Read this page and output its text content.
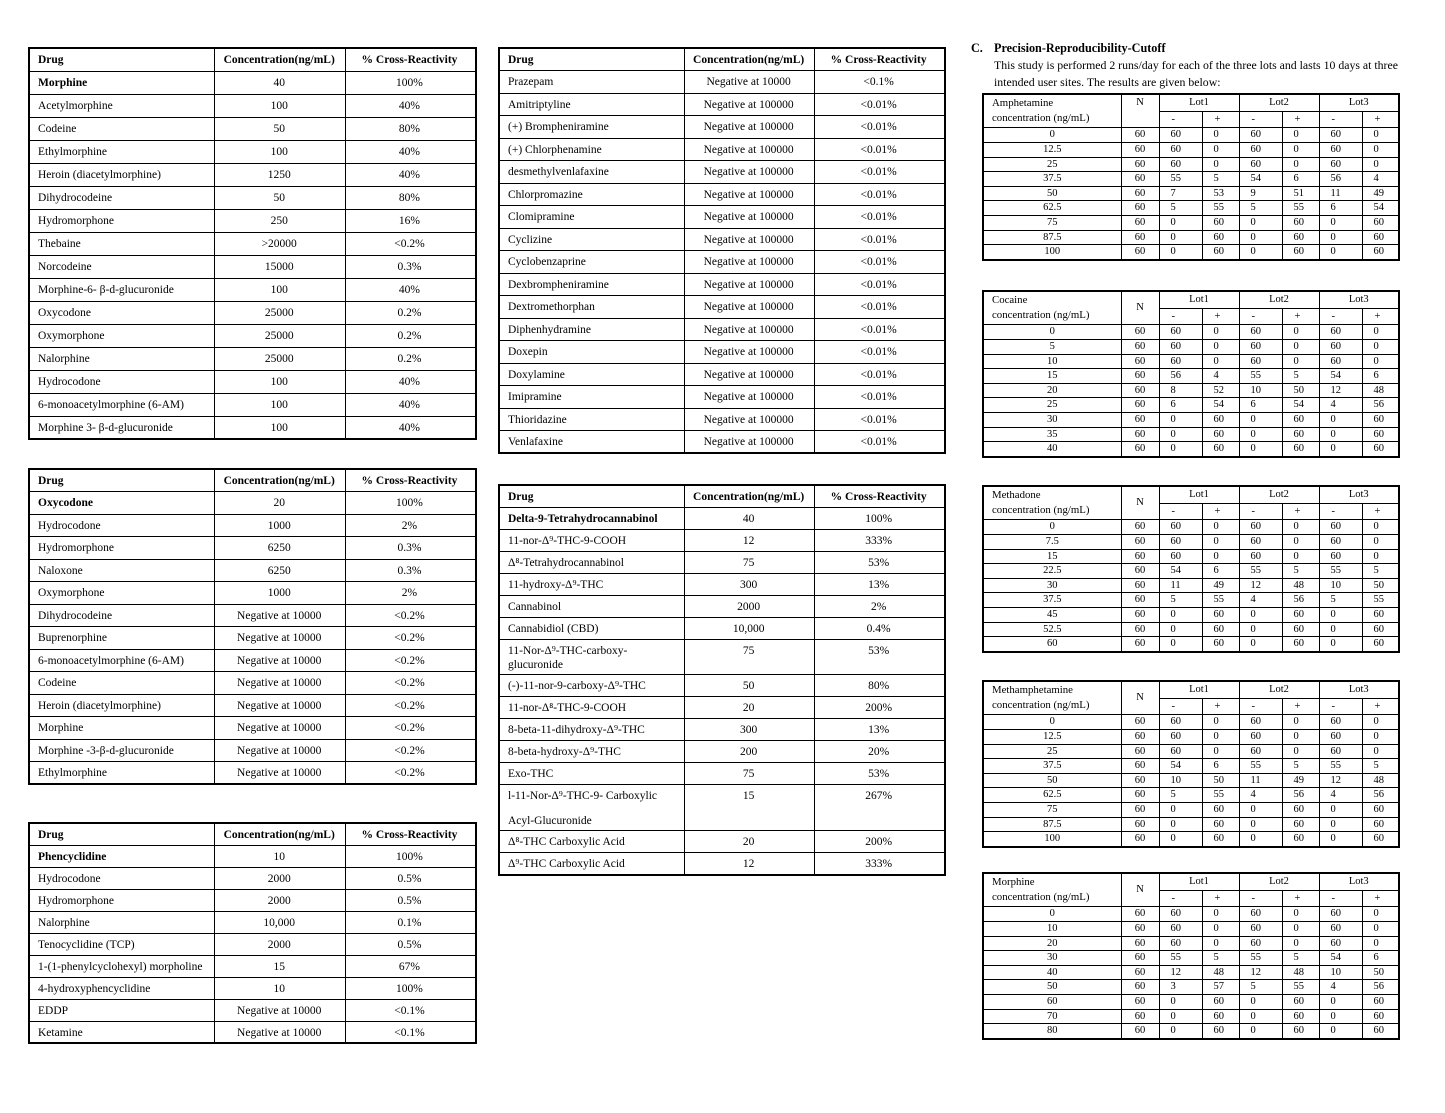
Drug	Concentration(ng/mL)	% Cross-Reactivity
Morphine	40	100%
Acetylmorphine	100	40%
Codeine	50	80%
Ethylmorphine	100	40%
Heroin (diacetylmorphine)	1250	40%
Dihydrocodeine	50	80%
Hydromorphone	250	16%
Thebaine	>20000	<0.2%
Norcodeine	15000	0.3%
Morphine-6- β-d-glucuronide	100	40%
Oxycodone	25000	0.2%
Oxymorphone	25000	0.2%
Nalorphine	25000	0.2%
Hydrocodone	100	40%
6-monoacetylmorphine (6-AM)	100	40%
Morphine 3- β-d-glucuronide	100	40%
Drug	Concentration(ng/mL)	% Cross-Reactivity
Oxycodone	20	100%
Hydrocodone	1000	2%
Hydromorphone	6250	0.3%
Naloxone	6250	0.3%
Oxymorphone	1000	2%
Dihydrocodeine	Negative at 10000	<0.2%
Buprenorphine	Negative at 10000	<0.2%
6-monoacetylmorphine (6-AM)	Negative at 10000	<0.2%
Codeine	Negative at 10000	<0.2%
Heroin (diacetylmorphine)	Negative at 10000	<0.2%
Morphine	Negative at 10000	<0.2%
Morphine -3-β-d-glucuronide	Negative at 10000	<0.2%
Ethylmorphine	Negative at 10000	<0.2%
Drug	Concentration(ng/mL)	% Cross-Reactivity
Phencyclidine	10	100%
Hydrocodone	2000	0.5%
Hydromorphone	2000	0.5%
Nalorphine	10,000	0.1%
Tenocyclidine (TCP)	2000	0.5%
1-(1-phenylcyclohexyl) morpholine	15	67%
4-hydroxyphencyclidine	10	100%
EDDP	Negative at 10000	<0.1%
Ketamine	Negative at 10000	<0.1%
Drug	Concentration(ng/mL)	% Cross-Reactivity
Prazepam	Negative at 10000	<0.1%
Amitriptyline	Negative at 100000	<0.01%
(+) Brompheniramine	Negative at 100000	<0.01%
(+) Chlorphenamine	Negative at 100000	<0.01%
desmethylvenlafaxine	Negative at 100000	<0.01%
Chlorpromazine	Negative at 100000	<0.01%
Clomipramine	Negative at 100000	<0.01%
Cyclizine	Negative at 100000	<0.01%
Cyclobenzaprine	Negative at 100000	<0.01%
Dexbrompheniramine	Negative at 100000	<0.01%
Dextromethorphan	Negative at 100000	<0.01%
Diphenhydramine	Negative at 100000	<0.01%
Doxepin	Negative at 100000	<0.01%
Doxylamine	Negative at 100000	<0.01%
Imipramine	Negative at 100000	<0.01%
Thioridazine	Negative at 100000	<0.01%
Venlafaxine	Negative at 100000	<0.01%
Drug	Concentration(ng/mL)	% Cross-Reactivity
Delta-9-Tetrahydrocannabinol	40	100%
11-nor-Δ⁹-THC-9-COOH	12	333%
Δ⁸-Tetrahydrocannabinol	75	53%
11-hydroxy-Δ⁹-THC	300	13%
Cannabinol	2000	2%
Cannabidiol (CBD)	10,000	0.4%
11-Nor-Δ⁹-THC-carboxy-glucuronide	75	53%
(-)-11-nor-9-carboxy-Δ⁹-THC	50	80%
11-nor-Δ⁸-THC-9-COOH	20	200%
8-beta-11-dihydroxy-Δ⁹-THC	300	13%
8-beta-hydroxy-Δ⁹-THC	200	20%
Exo-THC	75	53%

l-11-Nor-Δ⁹-THC-9- Carboxylic
Acyl-Glucuronide	15	267%
Δ⁸-THC Carboxylic Acid	20	200%
Δ⁹-THC Carboxylic Acid	12	333%
C. Precision-Reproducibility-Cutoff
This study is performed 2 runs/day for each of the three lots and lasts 10 days at three intended user sites. The results are given below:
Amphetamine
concentration (ng/mL)	N	Lot1		Lot2		Lot3	
		-	+	-	+	-	+
0	60	60	0	60	0	60	0
12.5	60	60	0	60	0	60	0
25	60	60	0	60	0	60	0
37.5	60	55	5	54	6	56	4
50	60	7	53	9	51	11	49
62.5	60	5	55	5	55	6	54
75	60	0	60	0	60	0	60
87.5	60	0	60	0	60	0	60
100	60	0	60	0	60	0	60
Cocaine
concentration (ng/mL)	N	Lot1		Lot2		Lot3	
		-	+	-	+	-	+
0	60	60	0	60	0	60	0
5	60	60	0	60	0	60	0
10	60	60	0	60	0	60	0
15	60	56	4	55	5	54	6
20	60	8	52	10	50	12	48
25	60	6	54	6	54	4	56
30	60	0	60	0	60	0	60
35	60	0	60	0	60	0	60
40	60	0	60	0	60	0	60
Methadone
concentration (ng/mL)	N	Lot1		Lot2		Lot3	
		-	+	-	+	-	+
0	60	60	0	60	0	60	0
7.5	60	60	0	60	0	60	0
15	60	60	0	60	0	60	0
22.5	60	54	6	55	5	55	5
30	60	11	49	12	48	10	50
37.5	60	5	55	4	56	5	55
45	60	0	60	0	60	0	60
52.5	60	0	60	0	60	0	60
60	60	0	60	0	60	0	60
Methamphetamine
concentration (ng/mL)	N	Lot1		Lot2		Lot3	
		-	+	-	+	-	+
0	60	60	0	60	0	60	0
12.5	60	60	0	60	0	60	0
25	60	60	0	60	0	60	0
37.5	60	54	6	55	5	55	5
50	60	10	50	11	49	12	48
62.5	60	5	55	4	56	4	56
75	60	0	60	0	60	0	60
87.5	60	0	60	0	60	0	60
100	60	0	60	0	60	0	60
Morphine
concentration (ng/mL)	N	Lot1		Lot2		Lot3	
		-	+	-	+	-	+
0	60	60	0	60	0	60	0
10	60	60	0	60	0	60	0
20	60	60	0	60	0	60	0
30	60	55	5	55	5	54	6
40	60	12	48	12	48	10	50
50	60	3	57	5	55	4	56
60	60	0	60	0	60	0	60
70	60	0	60	0	60	0	60
80	60	0	60	0	60	0	60
